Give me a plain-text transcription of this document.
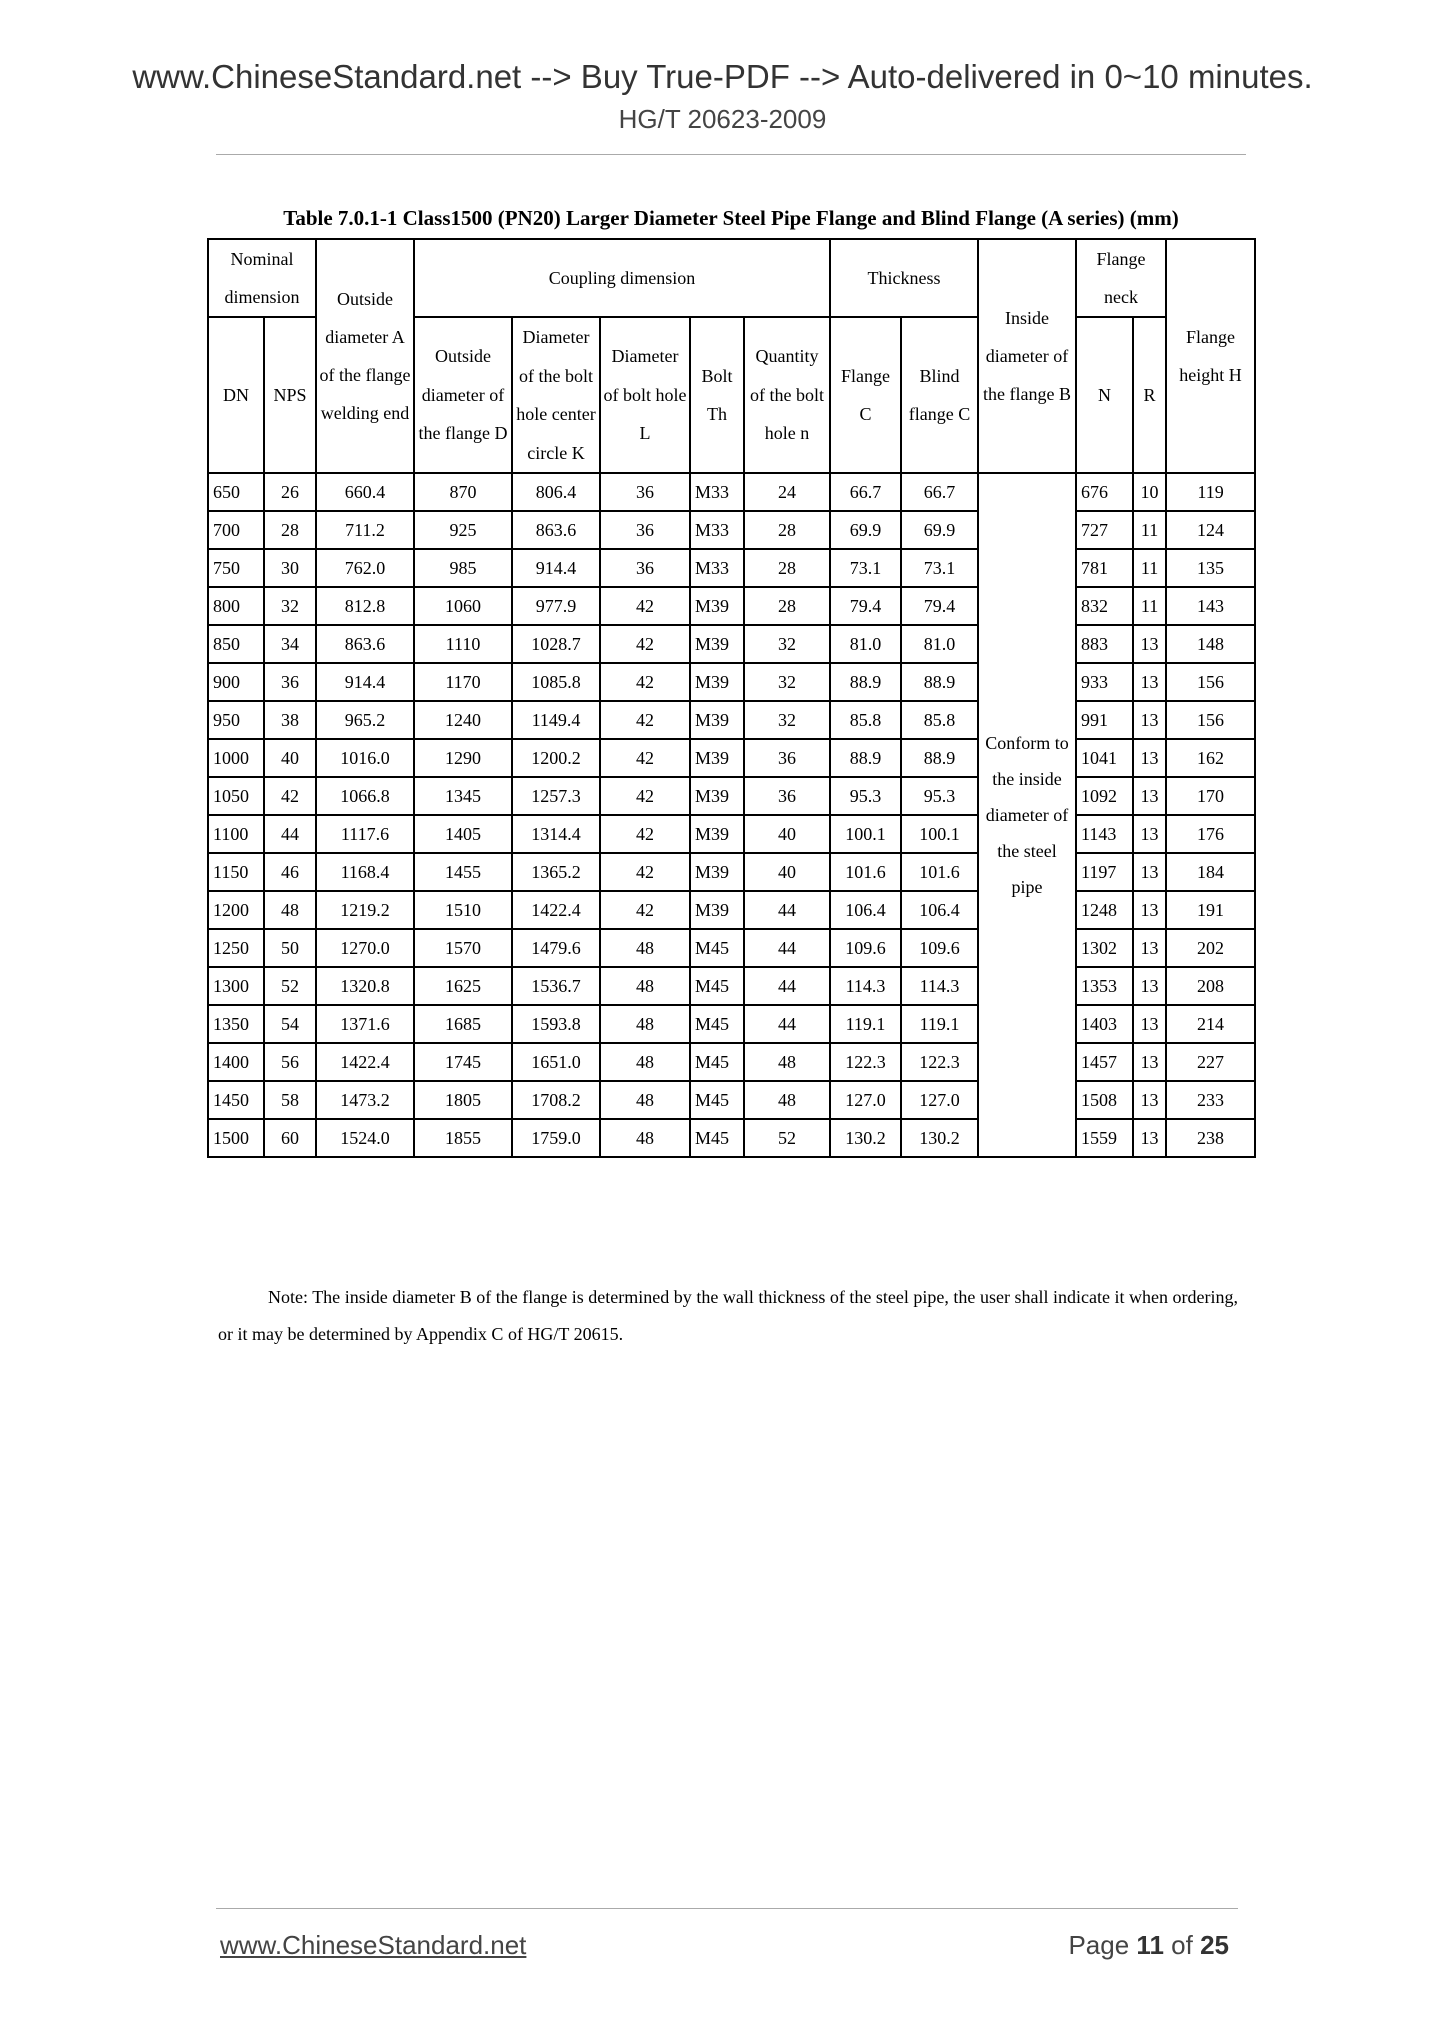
www.ChineseStandard.net --> Buy True-PDF --> Auto-delivered in 0~10 minutes.
HG/T 20623-2009
Table 7.0.1-1 Class1500 (PN20) Larger Diameter Steel Pipe Flange and Blind Flange (A series) (mm)
Nominal dimension		Outside diameter A of the flange welding end	Coupling dimension					Thickness		Inside diameter of the flange B	Flange neck		Flange height H
DN	NPS		Outside diameter of the flange D	Diameter of the bolt hole center circle K	Diameter of bolt hole L	Bolt Th	Quantity of the bolt hole n	Flange C	Blind flange C		N	R	
650	26	660.4	870	806.4	36	M33	24	66.7	66.7	Conform to the inside diameter of the steel pipe	676	10	119
700	28	711.2	925	863.6	36	M33	28	69.9	69.9		727	11	124
750	30	762.0	985	914.4	36	M33	28	73.1	73.1		781	11	135
800	32	812.8	1060	977.9	42	M39	28	79.4	79.4		832	11	143
850	34	863.6	1110	1028.7	42	M39	32	81.0	81.0		883	13	148
900	36	914.4	1170	1085.8	42	M39	32	88.9	88.9		933	13	156
950	38	965.2	1240	1149.4	42	M39	32	85.8	85.8		991	13	156
1000	40	1016.0	1290	1200.2	42	M39	36	88.9	88.9		1041	13	162
1050	42	1066.8	1345	1257.3	42	M39	36	95.3	95.3		1092	13	170
1100	44	1117.6	1405	1314.4	42	M39	40	100.1	100.1		1143	13	176
1150	46	1168.4	1455	1365.2	42	M39	40	101.6	101.6		1197	13	184
1200	48	1219.2	1510	1422.4	42	M39	44	106.4	106.4		1248	13	191
1250	50	1270.0	1570	1479.6	48	M45	44	109.6	109.6		1302	13	202
1300	52	1320.8	1625	1536.7	48	M45	44	114.3	114.3		1353	13	208
1350	54	1371.6	1685	1593.8	48	M45	44	119.1	119.1		1403	13	214
1400	56	1422.4	1745	1651.0	48	M45	48	122.3	122.3		1457	13	227
1450	58	1473.2	1805	1708.2	48	M45	48	127.0	127.0		1508	13	233
1500	60	1524.0	1855	1759.0	48	M45	52	130.2	130.2		1559	13	238
Note: The inside diameter B of the flange is determined by the wall thickness of the steel pipe, the user shall indicate it when ordering, or it may be determined by Appendix C of HG/T 20615.
www.ChineseStandard.net	Page 11 of 25
